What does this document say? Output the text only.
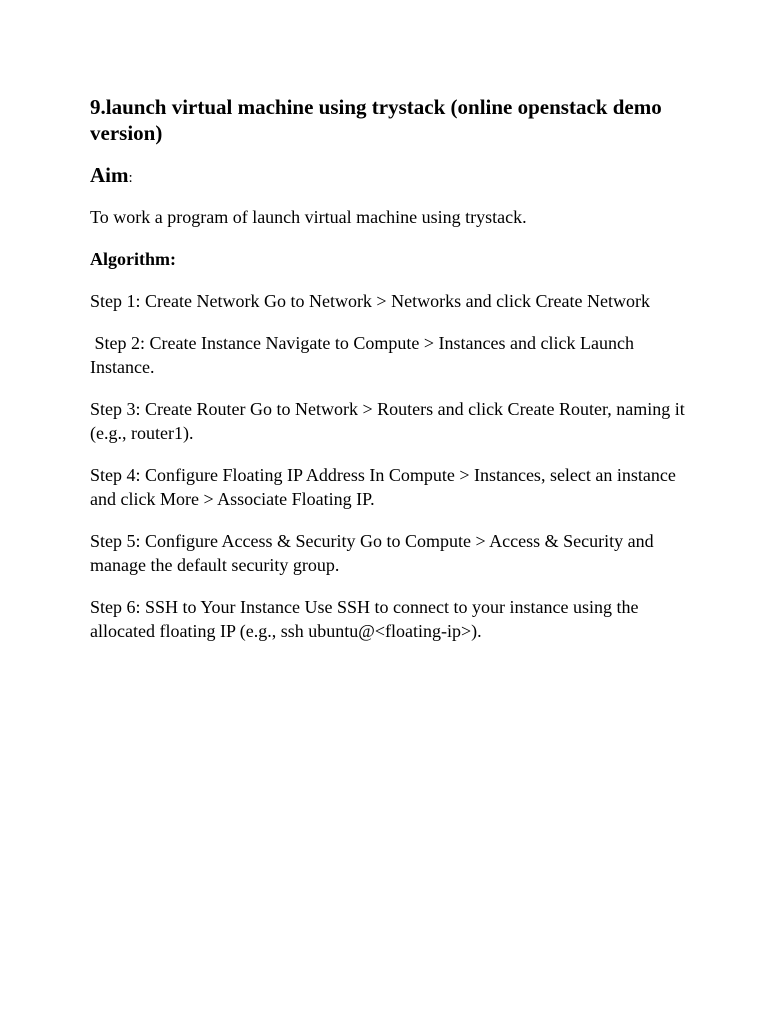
9.launch virtual machine using trystack (online openstack demo version)
Aim:

To work a program of launch virtual machine using trystack.

Algorithm:

Step 1: Create Network Go to Network > Networks and click Create Network

Step 2: Create Instance Navigate to Compute > Instances and click Launch Instance.

Step 3: Create Router Go to Network > Routers and click Create Router, naming it (e.g., router1).

Step 4: Configure Floating IP Address In Compute > Instances, select an instance and click More > Associate Floating IP.

Step 5: Configure Access & Security Go to Compute > Access & Security and manage the default security group.

Step 6: SSH to Your Instance Use SSH to connect to your instance using the allocated floating IP (e.g., ssh ubuntu@<floating-ip>).
